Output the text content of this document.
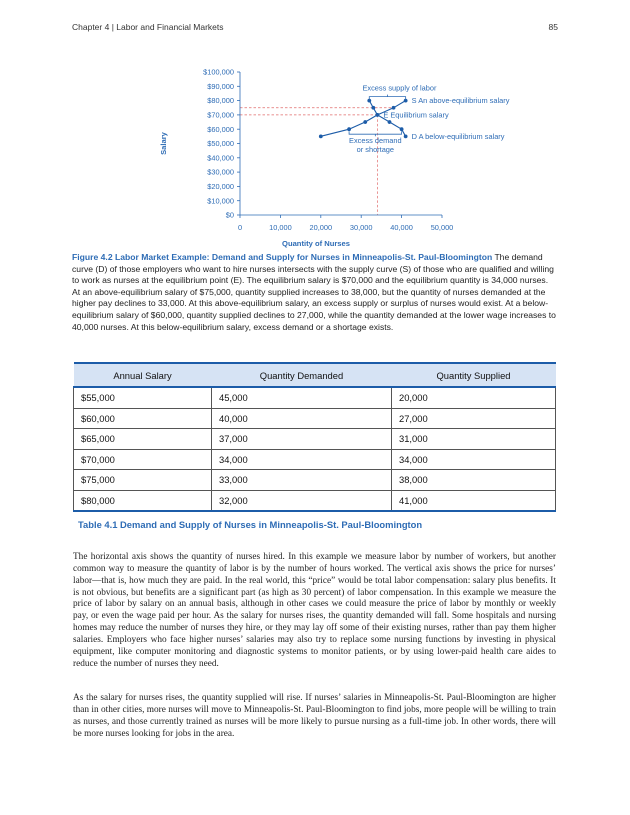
Chapter 4 | Labor and Financial Markets	85
$0
$10,000
$20,000
$30,000
$40,000
$50,000
$60,000
$70,000
$80,000
$90,000
$100,000
0	10,000 20,000 30,000 40,000 50,000
Quantity of Nurses
Salary
S An above-equilibrium salary
D A below-equilibrium salary
E Equilibrium salary
Excess supply of labor
Excess demand
or shortage
Figure 4.2 Labor Market Example: Demand and Supply for Nurses in Minneapolis-St. Paul-Bloomington The demand curve (D) of those employers who want to hire nurses intersects with the supply curve (S) of those who are qualified and willing to work as nurses at the equilibrium point (E). The equilibrium salary is $70,000 and the equilibrium quantity is 34,000 nurses. At an above-equilibrium salary of $75,000, quantity supplied increases to 38,000, but the quantity of nurses demanded at the higher pay declines to 33,000. At this above-equilibrium salary, an excess supply or surplus of nurses would exist. At a below-equilibrium salary of $60,000, quantity supplied declines to 27,000, while the quantity demanded at the lower wage increases to 40,000 nurses. At this below-equilibrium salary, excess demand or a shortage exists.
Annual Salary	Quantity Demanded	Quantity Supplied
$55,000	45,000	20,000
$60,000	40,000	27,000
$65,000	37,000	31,000
$70,000	34,000	34,000
$75,000	33,000	38,000
$80,000	32,000	41,000
Table 4.1 Demand and Supply of Nurses in Minneapolis-St. Paul-Bloomington

The horizontal axis shows the quantity of nurses hired. In this example we measure labor by number of workers, but another common way to measure the quantity of labor is by the number of hours worked. The vertical axis shows the price for nurses’ labor—that is, how much they are paid. In the real world, this “price” would be total labor compensation: salary plus benefits. It is not obvious, but benefits are a significant part (as high as 30 percent) of labor compensation. In this example we measure the price of labor by salary on an annual basis, although in other cases we could measure the price of labor by monthly or weekly pay, or even the wage paid per hour. As the salary for nurses rises, the quantity demanded will fall. Some hospitals and nursing homes may reduce the number of nurses they hire, or they may lay off some of their existing nurses, rather than pay them higher salaries. Employers who face higher nurses’ salaries may also try to replace some nursing functions by investing in physical equipment, like computer monitoring and diagnostic systems to monitor patients, or by using lower-paid health care aides to reduce the number of nurses they need.

As the salary for nurses rises, the quantity supplied will rise. If nurses’ salaries in Minneapolis-St. Paul-Bloomington are higher than in other cities, more nurses will move to Minneapolis-St. Paul-Bloomington to find jobs, more people will be willing to train as nurses, and those currently trained as nurses will be more likely to pursue nursing as a full-time job. In other words, there will be more nurses looking for jobs in the area.
